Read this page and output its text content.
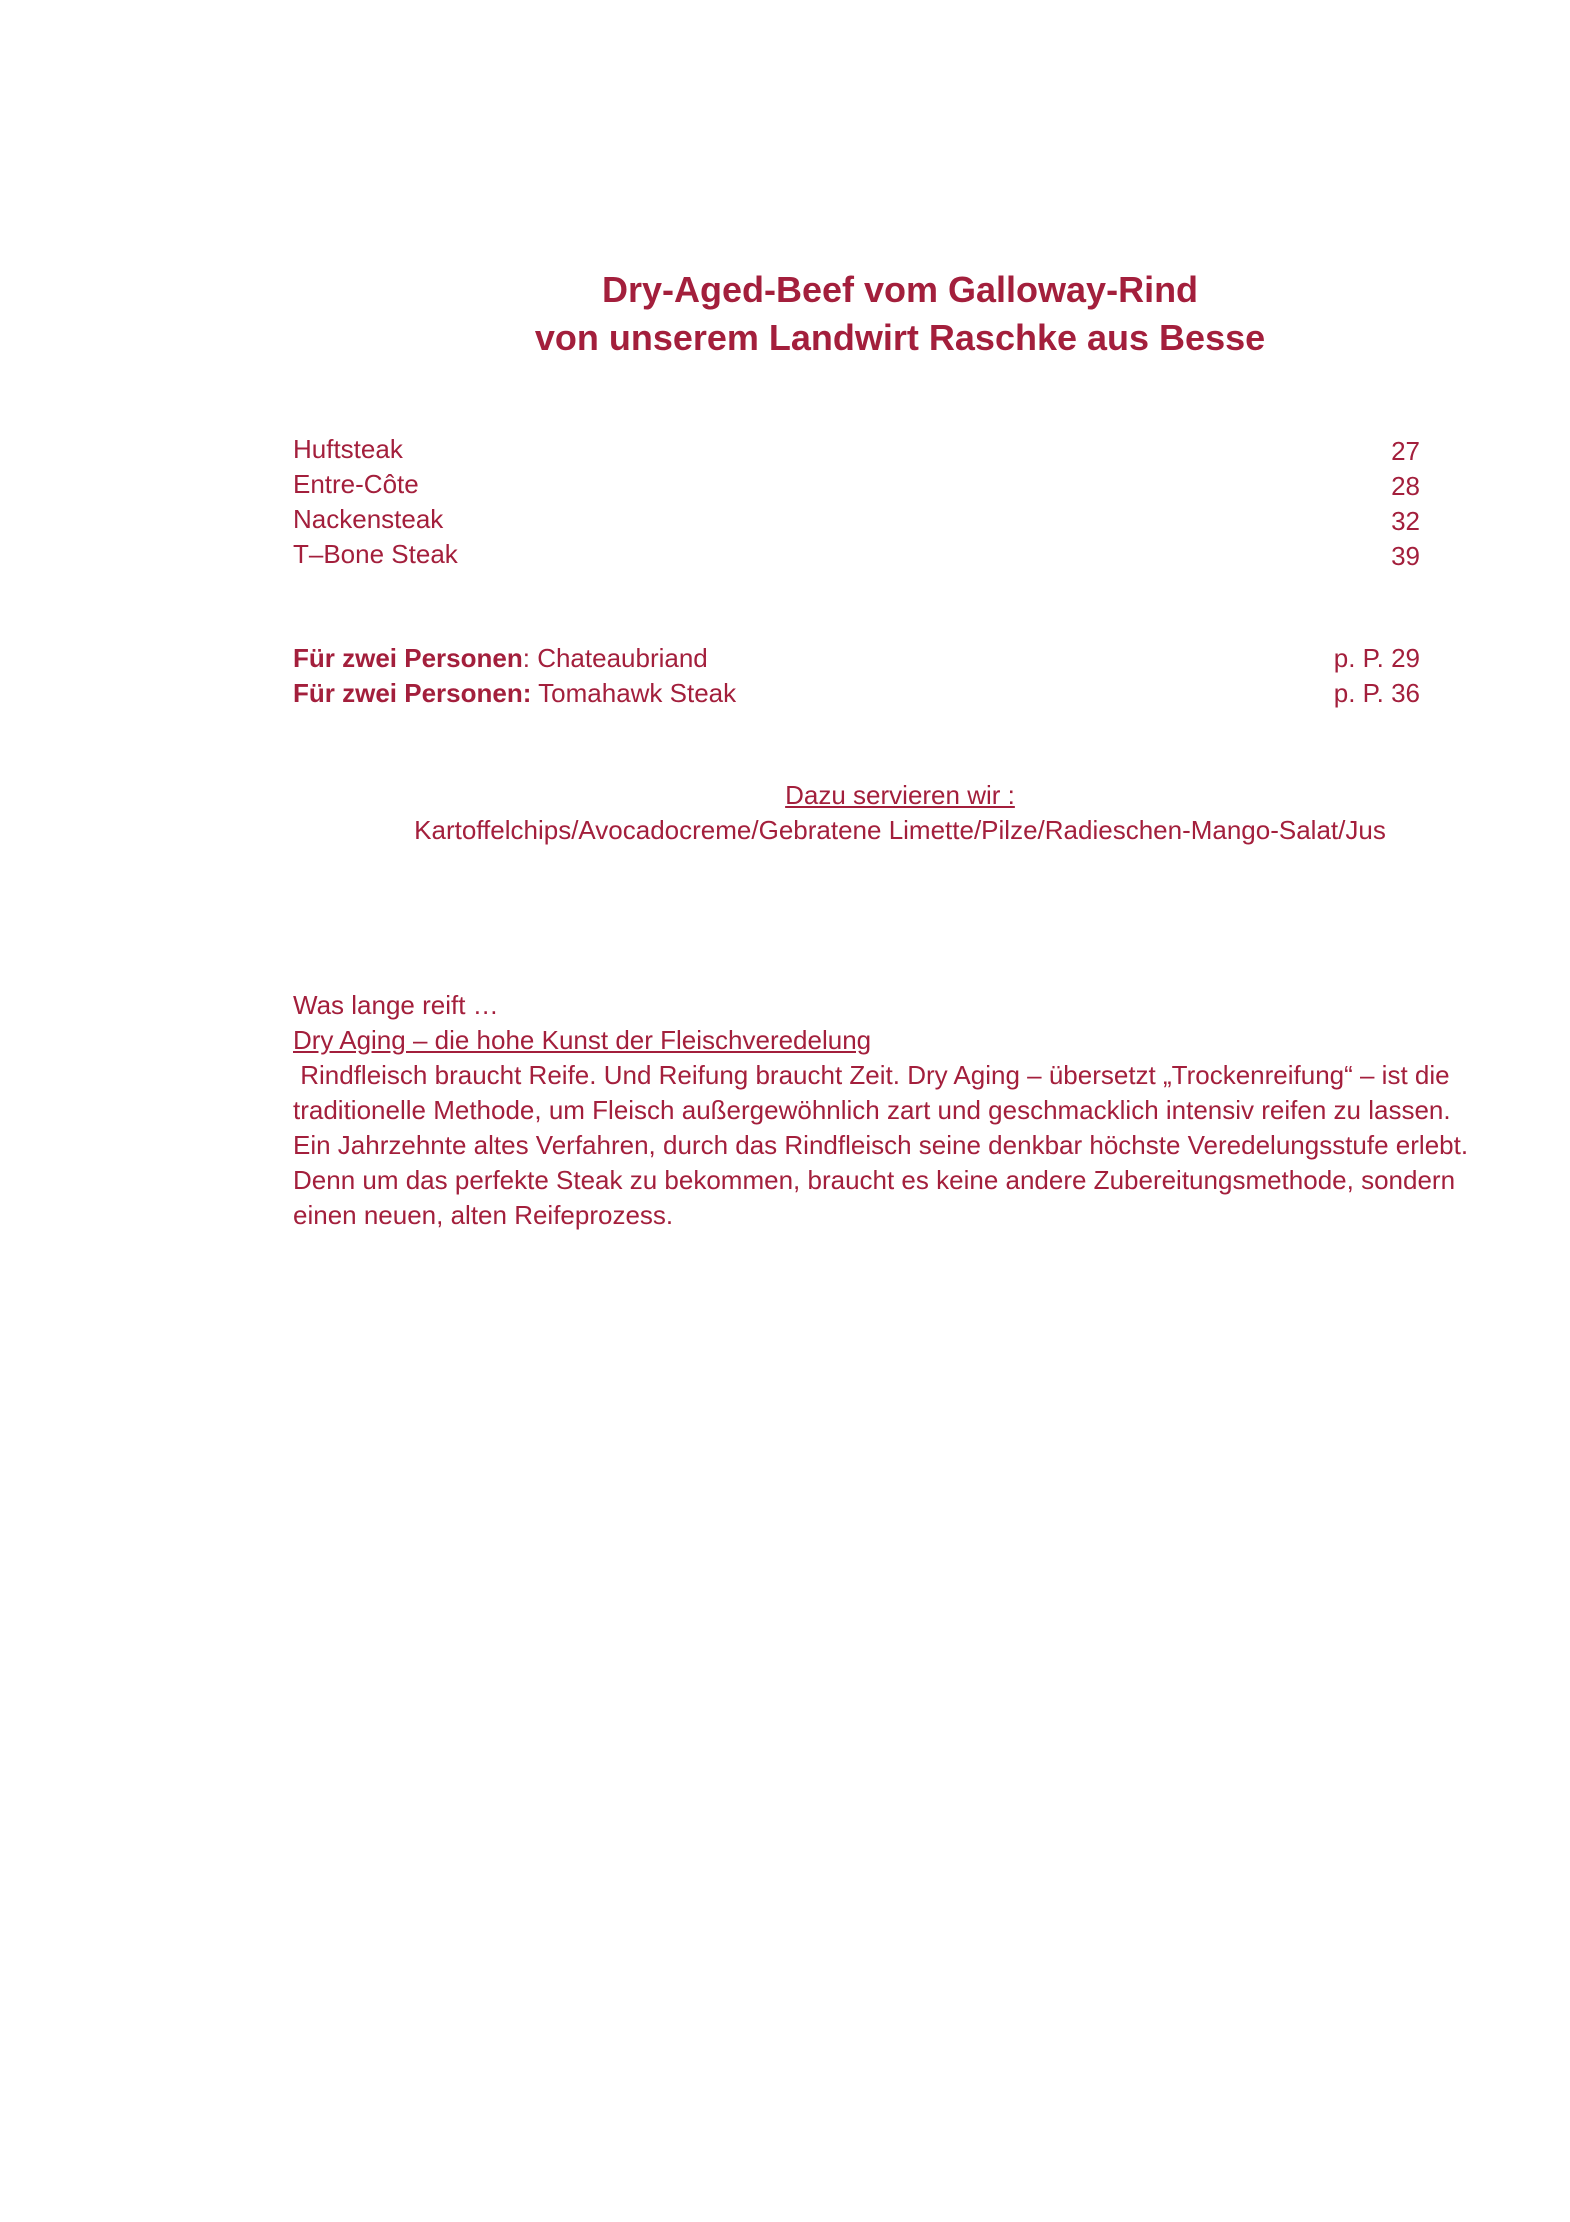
Dry-Aged-Beef vom Galloway-Rind
von unserem Landwirt Raschke aus Besse
Huftsteak	27
Entre-Côte	28
Nackensteak	32
T–Bone Steak	39
Für zwei Personen: Chateaubriand	p. P. 29
Für zwei Personen: Tomahawk Steak	p. P. 36
Dazu servieren wir :
Kartoffelchips/Avocadocreme/Gebratene Limette/Pilze/Radieschen-Mango-Salat/Jus
Was lange reift …
Dry Aging – die hohe Kunst der Fleischveredelung
Rindfleisch braucht Reife. Und Reifung braucht Zeit. Dry Aging – übersetzt „Trockenreifung“ – ist die
traditionelle Methode, um Fleisch außergewöhnlich zart und geschmacklich intensiv reifen zu lassen.
Ein Jahrzehnte altes Verfahren, durch das Rindfleisch seine denkbar höchste Veredelungsstufe erlebt.
Denn um das perfekte Steak zu bekommen, braucht es keine andere Zubereitungsmethode, sondern
einen neuen, alten Reifeprozess.
